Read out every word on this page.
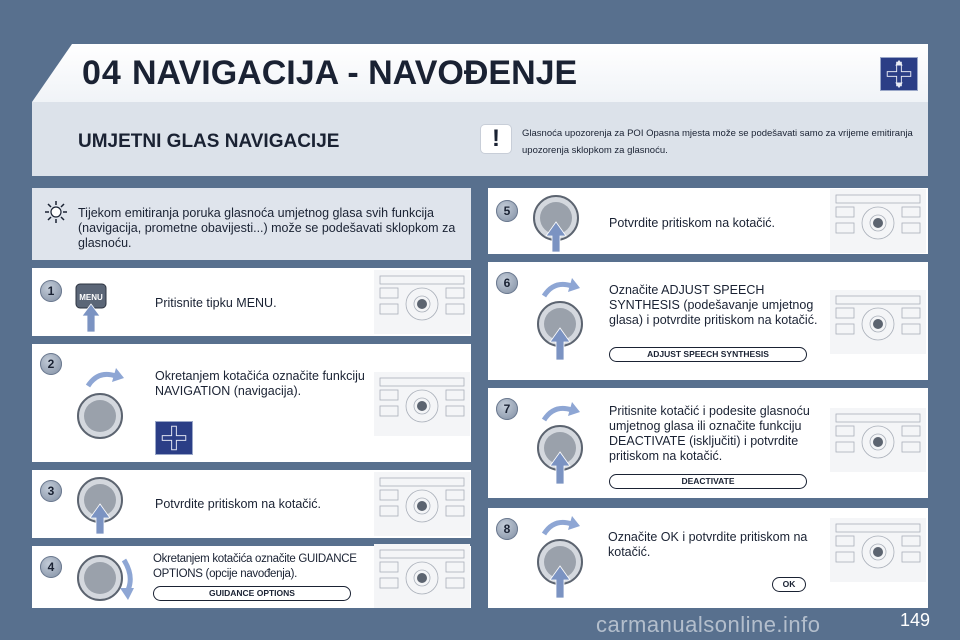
04 NAVIGACIJA - NAVOĐENJE
UMJETNI GLAS NAVIGACIJE	!	Glasnoća upozorenja za POI Opasna mjesta može se podešavati samo za vrijeme emitiranja upozorenja sklopkom za glasnoću.
Tijekom emitiranja poruka glasnoća umjetnog glasa svih funkcija (navigacija, prometne obavijesti...) može se podešavati sklopkom za glasnoću.
1	MENU	Pritisnite tipku MENU.
2
Okretanjem kotačića označite funkciju NAVIGATION (navigacija).
3
Potvrdite pritiskom na kotačić.
4
Okretanjem kotačića označite GUIDANCE OPTIONS (opcije navođenja).
GUIDANCE OPTIONS
5
Potvrdite pritiskom na kotačić.
6	Označite ADJUST SPEECH SYNTHESIS (podešavanje umjetnog glasa) i potvrdite pritiskom na kotačić.
ADJUST SPEECH SYNTHESIS
7	Pritisnite kotačić i podesite glasnoću umjetnog glasa ili označite funkciju DEACTIVATE (isključiti) i potvrdite pritiskom na kotačić.
DEACTIVATE
8
Označite OK i potvrdite pritiskom na kotačić.
OK
carmanualsonline.info	149
